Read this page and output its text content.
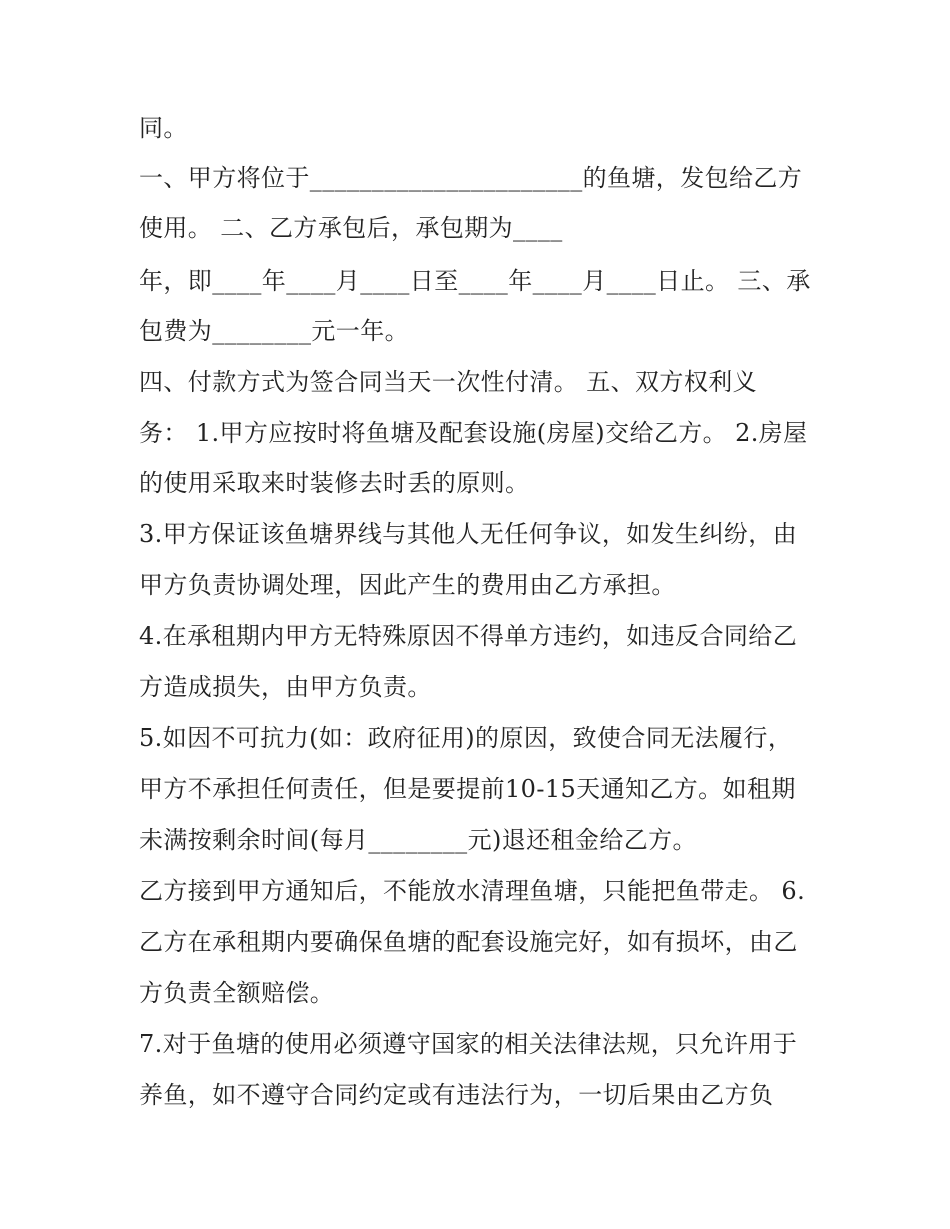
同。
一、甲方将位于______________________的鱼塘，发包给乙方
使用。 二、乙方承包后，承包期为____
年，即____年____月____日至____年____月____日止。 三、承
包费为________元一年。
四、付款方式为签合同当天一次性付清。 五、双方权利义
务： 1.甲方应按时将鱼塘及配套设施(房屋)交给乙方。 2.房屋
的使用采取来时装修去时丢的原则。
3.甲方保证该鱼塘界线与其他人无任何争议，如发生纠纷，由
甲方负责协调处理，因此产生的费用由乙方承担。
4.在承租期内甲方无特殊原因不得单方违约，如违反合同给乙
方造成损失，由甲方负责。
5.如因不可抗力(如：政府征用)的原因，致使合同无法履行，
甲方不承担任何责任，但是要提前10-15天通知乙方。如租期
未满按剩余时间(每月________元)退还租金给乙方。
乙方接到甲方通知后，不能放水清理鱼塘，只能把鱼带走。 6.
乙方在承租期内要确保鱼塘的配套设施完好，如有损坏，由乙
方负责全额赔偿。
7.对于鱼塘的使用必须遵守国家的相关法律法规，只允许用于
养鱼，如不遵守合同约定或有违法行为，一切后果由乙方负
